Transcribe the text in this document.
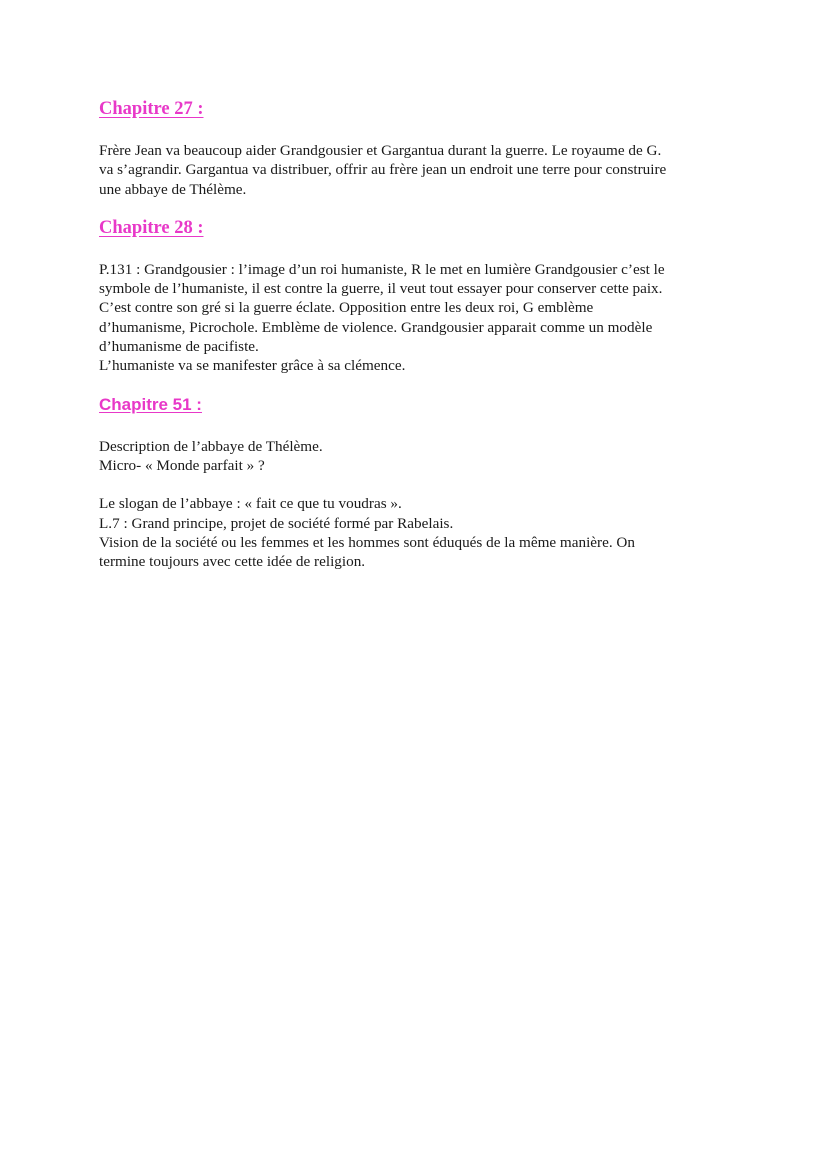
Chapitre 27 :

Frère Jean va beaucoup aider Grandgousier et Gargantua durant la guerre. Le royaume de G.
va s’agrandir. Gargantua va distribuer, offrir au frère jean un endroit une terre pour construire
une abbaye de Thélème.

Chapitre 28 :

P.131 : Grandgousier : l’image d’un roi humaniste, R le met en lumière Grandgousier c’est le
symbole de l’humaniste, il est contre la guerre, il veut tout essayer pour conserver cette paix.
C’est contre son gré si la guerre éclate. Opposition entre les deux roi, G emblème
d’humanisme, Picrochole. Emblème de violence. Grandgousier apparait comme un modèle
d’humanisme de pacifiste.
L’humaniste va se manifester grâce à sa clémence.

Chapitre 51 :

Description de l’abbaye de Thélème.
Micro- « Monde parfait » ?
Le slogan de l’abbaye : « fait ce que tu voudras ».
L.7 : Grand principe, projet de société formé par Rabelais.
Vision de la société ou les femmes et les hommes sont éduqués de la même manière. On
termine toujours avec cette idée de religion.
